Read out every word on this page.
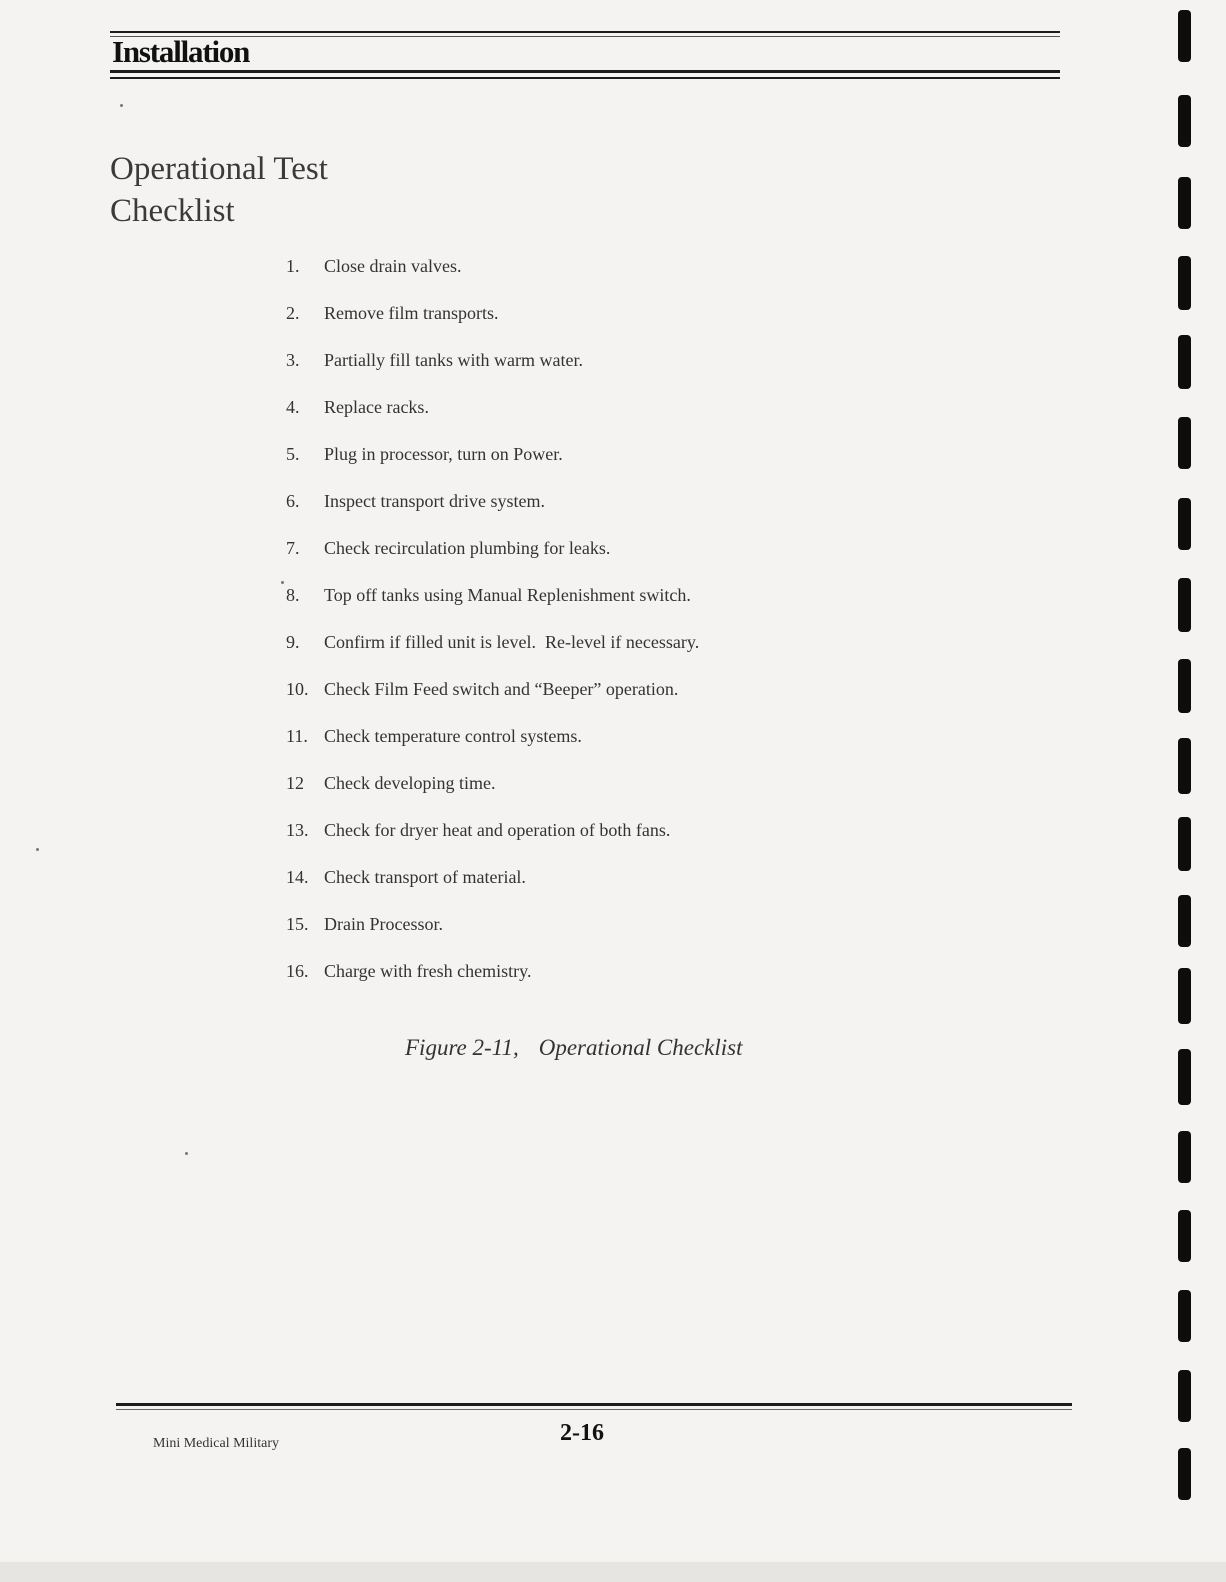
Installation
Operational Test
Checklist
1.	Close drain valves.
2.	Remove film transports.
3.	Partially fill tanks with warm water.
4.	Replace racks.
5.	Plug in processor, turn on Power.
6.	Inspect transport drive system.
7.	Check recirculation plumbing for leaks.
8.	Top off tanks using Manual Replenishment switch.
9.	Confirm if filled unit is level.  Re-level if necessary.
10. Check Film Feed switch and “Beeper” operation.
11. Check temperature control systems.
12	Check developing time.
13. Check for dryer heat and operation of both fans.
14. Check transport of material.
15. Drain Processor.
16. Charge with fresh chemistry.
Figure 2-11, Operational Checklist
Mini Medical Military	2-16
